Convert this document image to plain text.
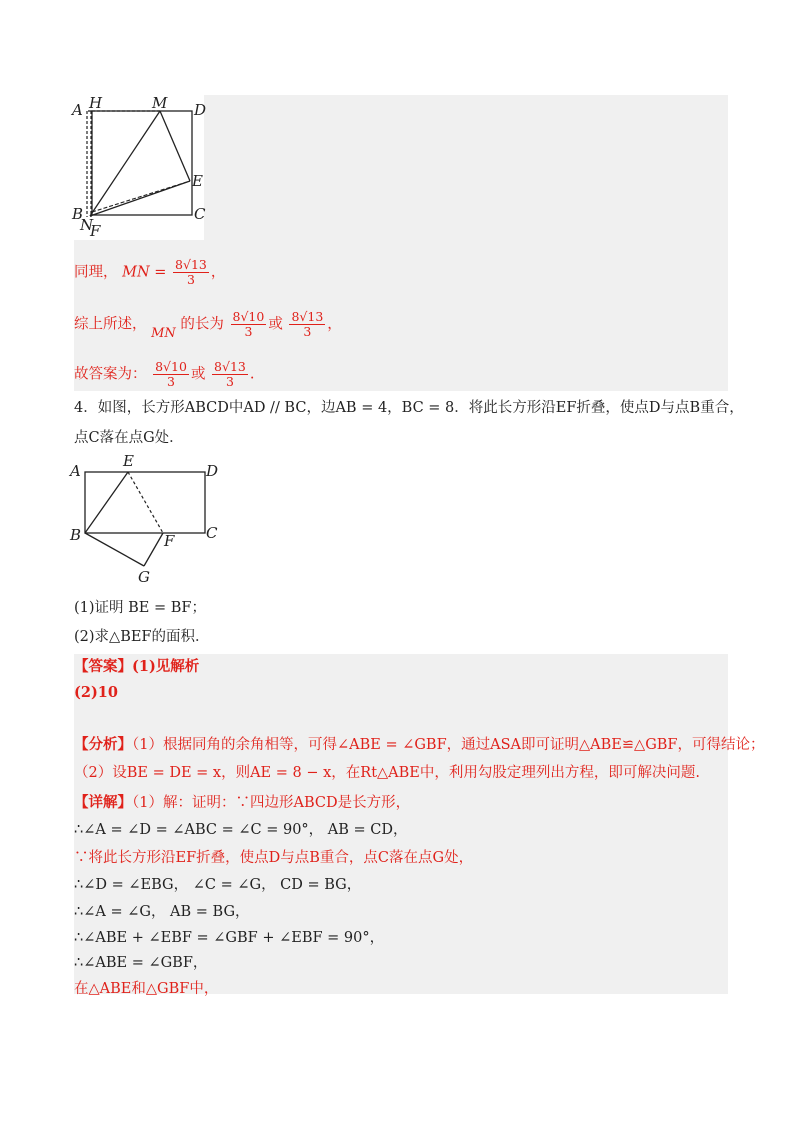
A H	M D
E
B
N
F
C
同理， MN = $\frac{8√13}{3}$ ，
综上所述， MN 的长为 $\frac{8√10}{3}$ 或 $\frac{8√13}{3}$ ，
故答案为： $\frac{8√10}{3}$ 或 $\frac{8√13}{3}$ .
4．如图，长方形ABCD中AD // BC，边AB = 4，BC = 8．将此长方形沿EF折叠，使点D与点B重合，
点C落在点G处．
A
E
D
B	F C
G
(1)证明 BE = BF；
(2)求△BEF的面积．
【答案】(1)见解析
(2)10
【分析】（1）根据同角的余角相等，可得∠ABE = ∠GBF，通过ASA即可证明△ABE≌△GBF，可得结论；
（2）设BE = DE = x，则AE = 8 − x，在Rt△ABE中，利用勾股定理列出方程，即可解决问题.
【详解】（1）解：证明：∵四边形ABCD是长方形，
∴∠A = ∠D = ∠ABC = ∠C = 90°， AB = CD，
∵将此长方形沿EF折叠，使点D与点B重合，点C落在点G处，
∴∠D = ∠EBG， ∠C = ∠G， CD = BG，
∴∠A = ∠G， AB = BG，
∴∠ABE + ∠EBF = ∠GBF + ∠EBF = 90°，
∴∠ABE = ∠GBF，
在△ABE和△GBF中，
